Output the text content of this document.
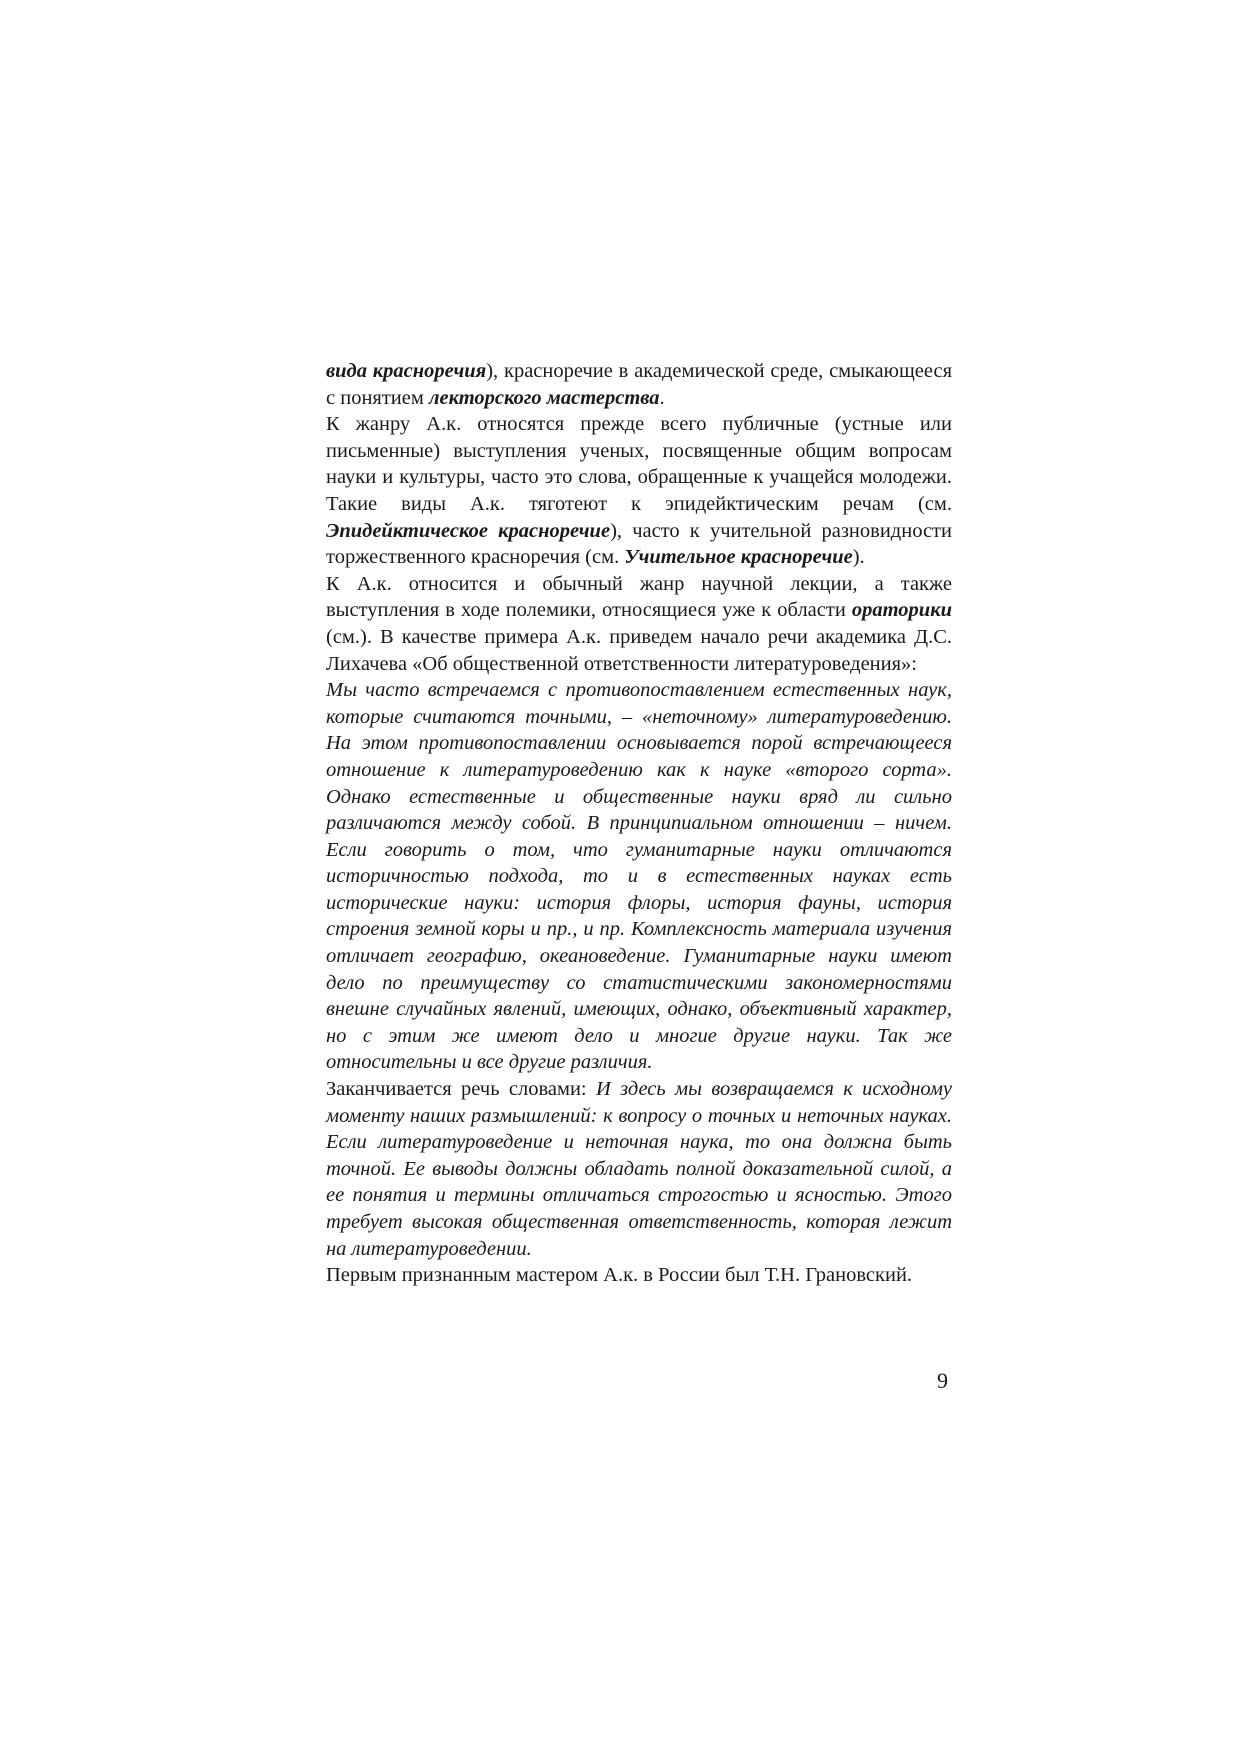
вида красноречия), красноречие в академической среде, смыкающееся с понятием лекторского мастерства.

К жанру А.к. относятся прежде всего публичные (устные или письменные) выступления ученых, посвященные общим вопросам науки и культуры, часто это слова, обращенные к учащейся молодежи. Такие виды А.к. тяготеют к эпидейктическим речам (см. Эпидейктическое красноречие), часто к учительной разновидности торжественного красноречия (см. Учительное красноречие).

К А.к. относится и обычный жанр научной лекции, а также выступления в ходе полемики, относящиеся уже к области ораторики (см.). В качестве примера А.к. приведем начало речи академика Д.С. Лихачева «Об общественной ответственности литературоведения»:

Мы часто встречаемся с противопоставлением естественных наук, которые считаются точными, – «неточному» литературоведению. На этом противопоставлении основывается порой встречающееся отношение к литературоведению как к науке «второго сорта». Однако естественные и общественные науки вряд ли сильно различаются между собой. В принципиальном отношении – ничем. Если говорить о том, что гуманитарные науки отличаются историчностью подхода, то и в естественных науках есть исторические науки: история флоры, история фауны, история строения земной коры и пр., и пр. Комплексность материала изучения отличает географию, океановедение. Гуманитарные науки имеют дело по преимуществу со статистическими закономерностями внешне случайных явлений, имеющих, однако, объективный характер, но с этим же имеют дело и многие другие науки. Так же относительны и все другие различия.

Заканчивается речь словами: И здесь мы возвращаемся к исходному моменту наших размышлений: к вопросу о точных и неточных науках. Если литературоведение и неточная наука, то она должна быть точной. Ее выводы должны обладать полной доказательной силой, а ее понятия и термины отличаться строгостью и ясностью. Этого требует высокая общественная ответственность, которая лежит на литературоведении.

Первым признанным мастером А.к. в России был Т.Н. Грановский.

9
